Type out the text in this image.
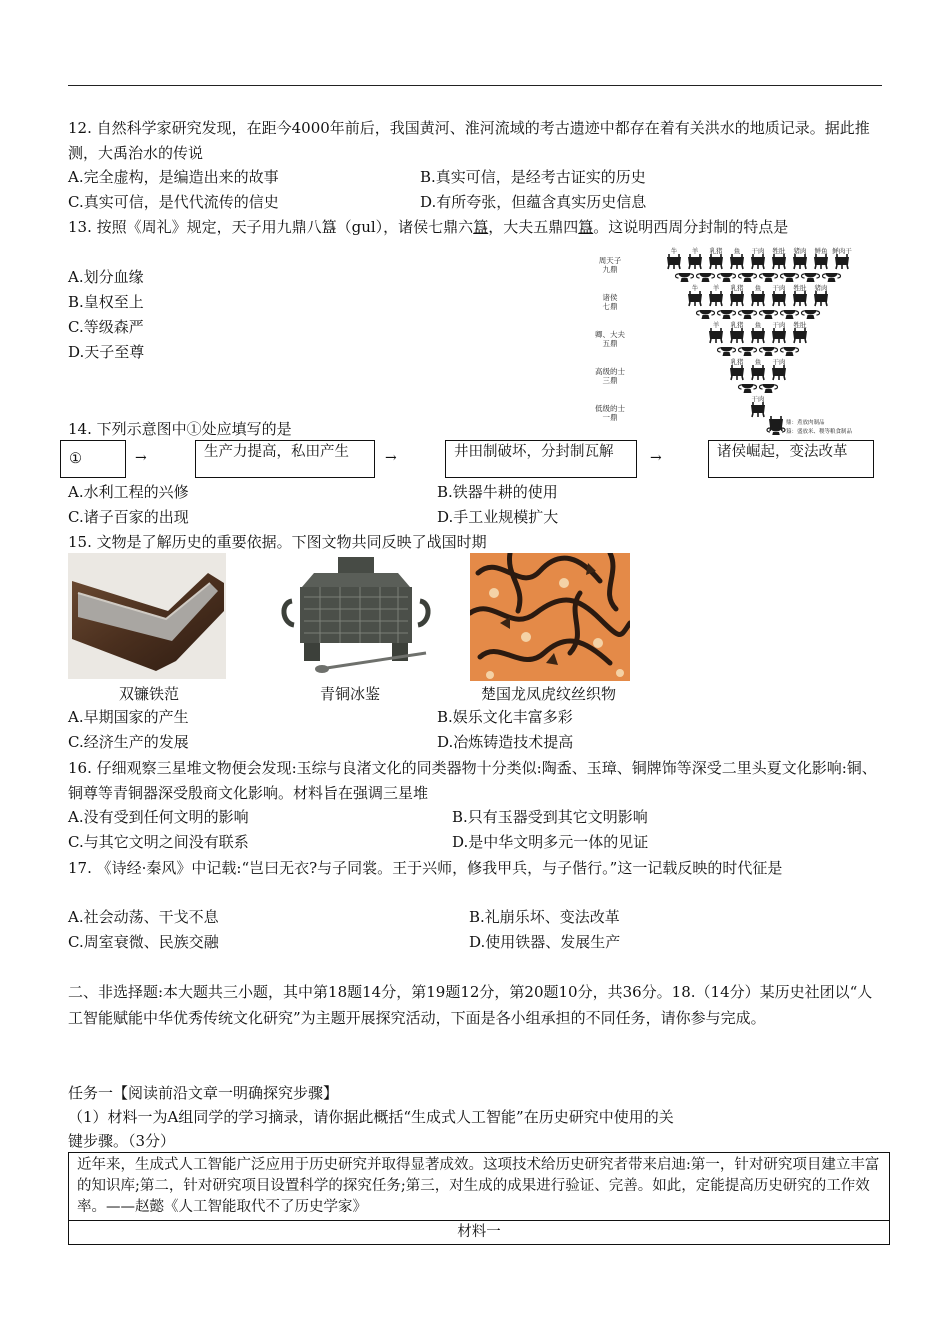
12. 自然科学家研究发现，在距今4000年前后，我国黄河、淮河流域的考古遗迹中都存在着有关洪水的地质记录。据此推测，大禹治水的传说
A.完全虚构，是编造出来的故事	B.真实可信，是经考古证实的历史
C.真实可信，是代代流传的信史	D.有所夸张，但蕴含真实历史信息
13. 按照《周礼》规定，天子用九鼎八簋（gul），诸侯七鼎六簋，大夫五鼎四簋。这说明西周分封制的特点是
A.划分血缘
B.皇权至上
C.等级森严
D.天子至尊
周天子
九鼎
牛 羊 乳猪 鱼 干肉 牲肚 猪肉 鲜鱼 鲜肉干
诸侯
七鼎
牛 羊 乳猪 鱼 干肉 牲肚 猪肉
卿、大夫
五鼎
羊 乳猪 鱼 干肉 牲肚
高级的士
三鼎
乳猪 鱼 干肉
低级的士
一鼎
干肉
鼎：煮放肉制品
簋：盛放米、稷等粮食制品
14. 下列示意图中①处应填写的是
①	→	生产力提高，私田产生	→	井田制破坏，分封制瓦解	→	诸侯崛起，变法改革
A.水利工程的兴修	B.铁器牛耕的使用
C.诸子百家的出现	D.手工业规模扩大
15. 文物是了解历史的重要依据。下图文物共同反映了战国时期
双镰铁范	青铜冰鉴	楚国龙凤虎纹丝织物
A.早期国家的产生	B.娱乐文化丰富多彩
C.经济生产的发展	D.冶炼铸造技术提高
16. 仔细观察三星堆文物便会发现:玉综与良渚文化的同类器物十分类似:陶盉、玉璋、铜牌饰等深受二里头夏文化影响:铜、铜尊等青铜器深受殷商文化影响。材料旨在强调三星堆
A.没有受到任何文明的影响	B.只有玉器受到其它文明影响
C.与其它文明之间没有联系	D.是中华文明多元一体的见证
17. 《诗经·秦风》中记载:“岂曰无衣?与子同裳。王于兴师，修我甲兵，与子偕行。”这一记载反映的时代征是
A.社会动荡、干戈不息	B.礼崩乐坏、变法改革
C.周室衰微、民族交融	D.使用铁器、发展生产
二、非选择题:本大题共三小题，其中第18题14分，第19题12分，第20题10分，共36分。18.（14分）某历史社团以“人工智能赋能中华优秀传统文化研究”为主题开展探究活动，下面是各小组承担的不同任务，请你参与完成。
任务一【阅读前沿文章一明确探究步骤】
（1）材料一为A组同学的学习摘录，请你据此概括“生成式人工智能”在历史研究中使用的关
键步骤。（3分）
近年来，生成式人工智能广泛应用于历史研究并取得显著成效。这项技术给历史研究者带来启迪:第一，针对研究项目建立丰富的知识库;第二，针对研究项目设置科学的探究任务;第三，对生成的成果进行验证、完善。如此，定能提高历史研究的工作效率。——赵懿《人工智能取代不了历史学家》
材料一
